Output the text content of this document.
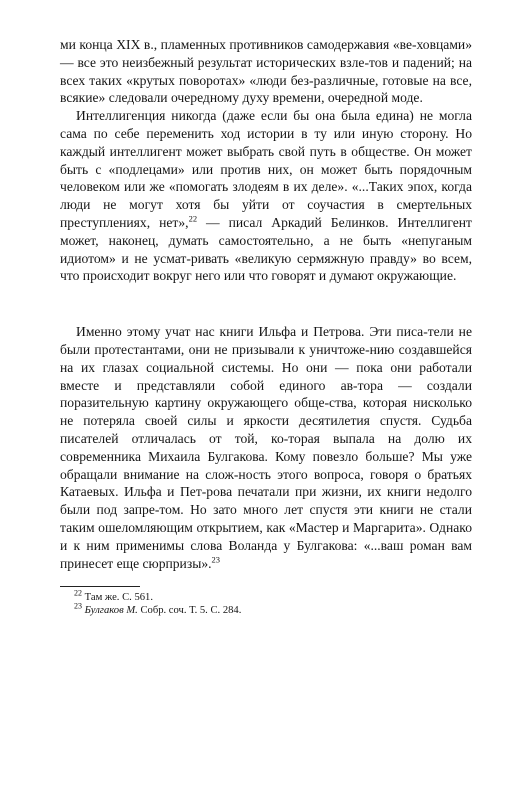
ми конца XIX в., пламенных противников самодержавия «ве-ховцами» — все это неизбежный результат исторических взле-тов и падений; на всех таких «крутых поворотах» «люди без-различные, готовые на все, всякие» следовали очередному духу времени, очередной моде.

Интеллигенция никогда (даже если бы она была едина) не могла сама по себе переменить ход истории в ту или иную сторону. Но каждый интеллигент может выбрать свой путь в обществе. Он может быть с «подлецами» или против них, он может быть порядочным человеком или же «помогать злодеям в их деле». «...Таких эпох, когда люди не могут хотя бы уйти от соучастия в смертельных преступлениях, нет»,$^{22}$ — писал Аркадий Белинков. Интеллигент может, наконец, думать самостоятельно, а не быть «непуганым идиотом» и не усмат-ривать «великую сермяжную правду» во всем, что происходит вокруг него или что говорят и думают окружающие.

Именно этому учат нас книги Ильфа и Петрова. Эти писа-тели не были протестантами, они не призывали к уничтоже-нию создавшейся на их глазах социальной системы. Но они — пока они работали вместе и представляли собой единого ав-тора — создали поразительную картину окружающего обще-ства, которая нисколько не потеряла своей силы и яркости десятилетия спустя. Судьба писателей отличалась от той, ко-торая выпала на долю их современника Михаила Булгакова. Кому повезло больше? Мы уже обращали внимание на слож-ность этого вопроса, говоря о братьях Катаевых. Ильфа и Пет-рова печатали при жизни, их книги недолго были под запре-том. Но зато много лет спустя эти книги не стали таким ошеломляющим открытием, как «Мастер и Маргарита». Однако и к ним применимы слова Воланда у Булгакова: «...ваш роман вам принесет еще сюрпризы».$^{23}$

$^{22}$ Там же. С. 561.

$^{23}$ Булгаков М. Собр. соч. Т. 5. С. 284.
